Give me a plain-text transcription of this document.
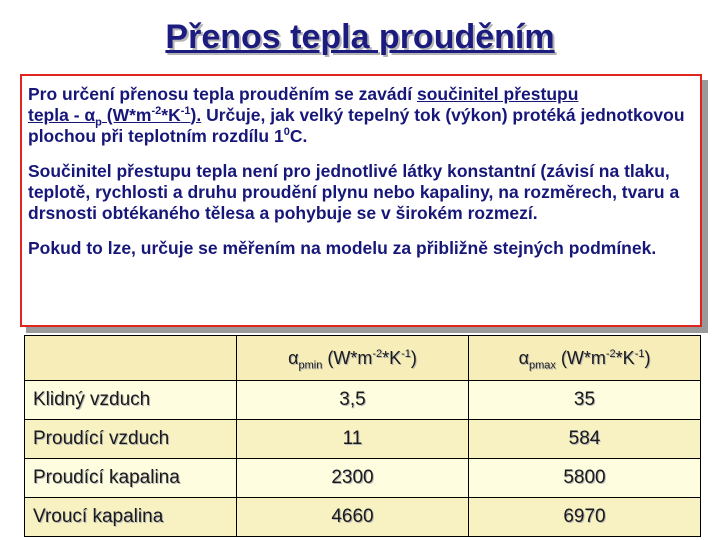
Přenos tepla prouděním

Pro určení přenosu tepla prouděním se zavádí součinitel přestupu
tepla - $\alpha_p$ $(W*m^{-2}*K^{-1})$. Určuje, jak velký tepelný tok (výkon) protéká jednotkovou plochou při teplotním rozdílu $1^0C$.

Součinitel přestupu tepla není pro jednotlivé látky konstantní (závisí na tlaku, teplotě, rychlosti a druhu proudění plynu nebo kapaliny, na rozměrech, tvaru a drsnosti obtékaného tělesa a pohybuje se v širokém rozmezí.

Pokud to lze, určuje se měřením na modelu za přibližně stejných podmínek.

	$\alpha_{pmin}$ $(W*m^{-2}*K^{-1})$	$\alpha_{pmax}$ $(W*m^{-2}*K^{-1})$
Klidný vzduch	3,5	35
Proudící vzduch	11	584
Proudící kapalina	2300	5800
Vroucí kapalina	4660	6970
